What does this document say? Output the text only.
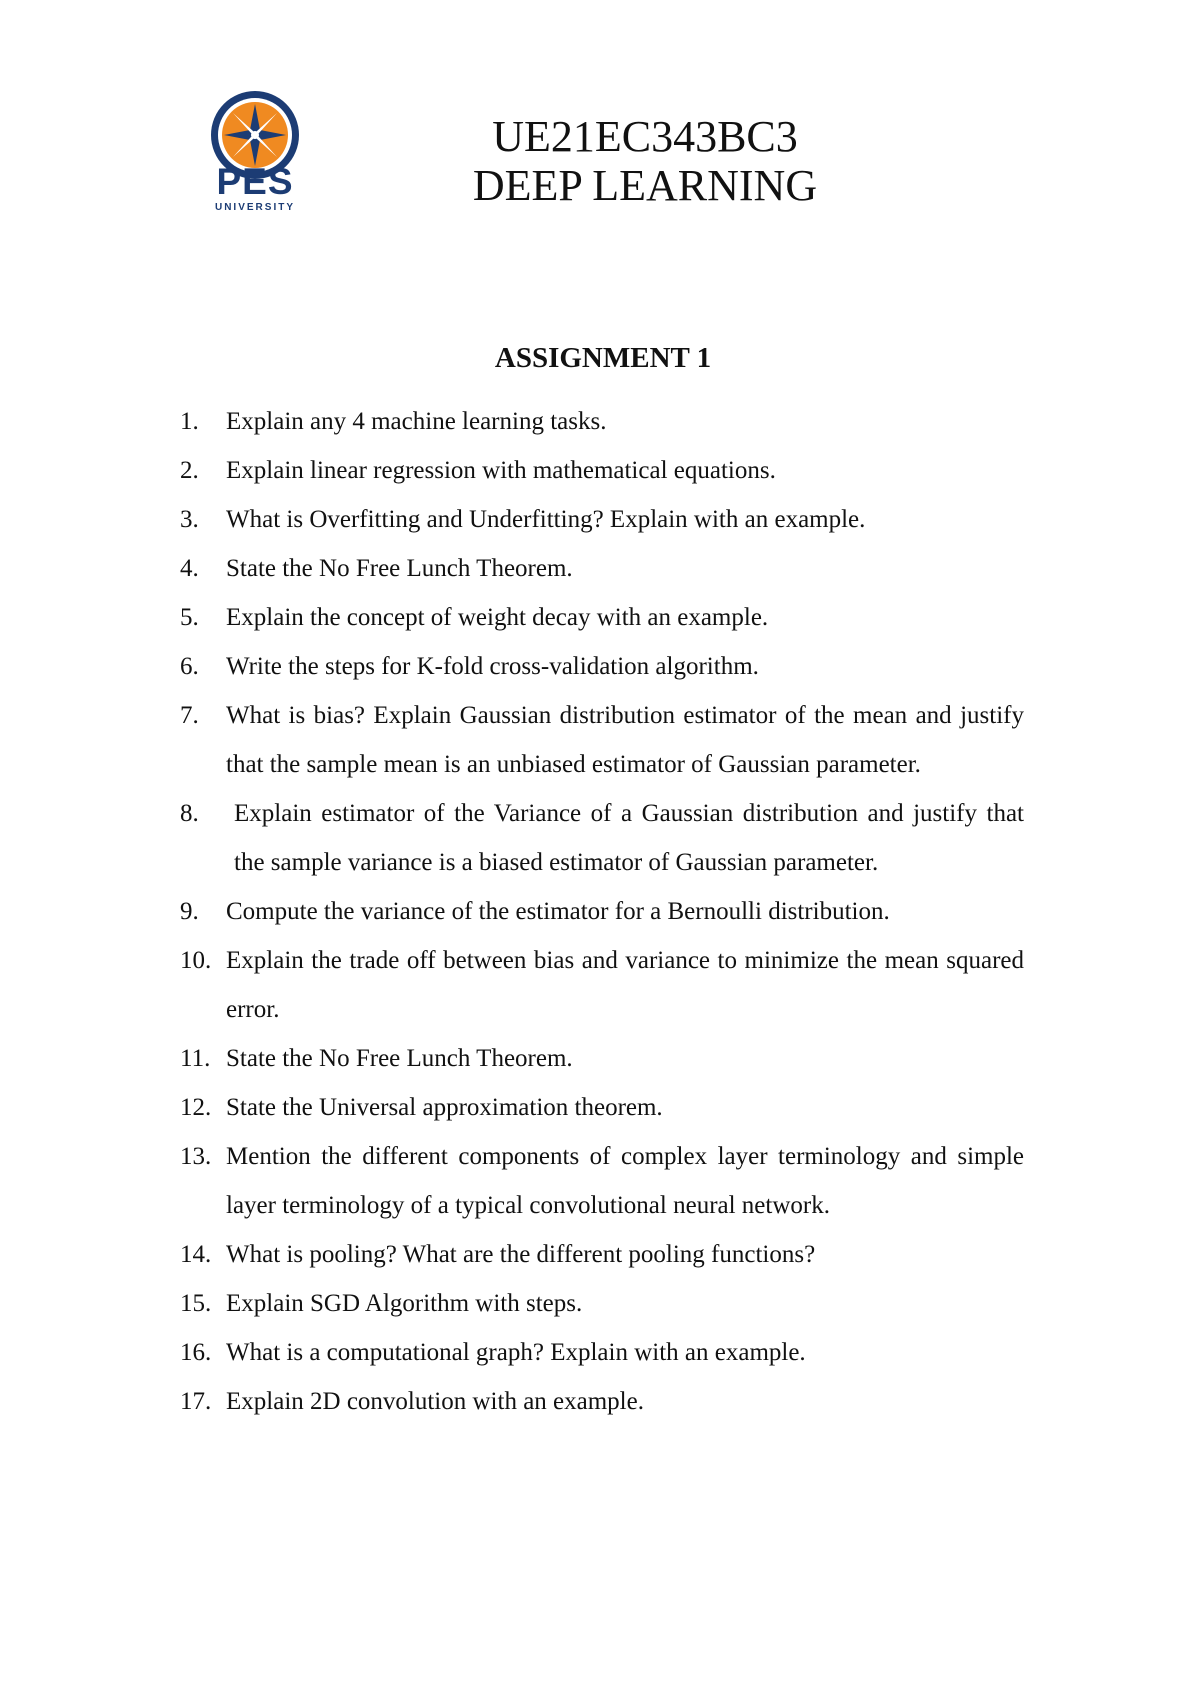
PES
UNIVERSITY
UE21EC343BC3
DEEP LEARNING
ASSIGNMENT 1
1.	Explain any 4 machine learning tasks.
2.	Explain linear regression with mathematical equations.
3.	What is Overfitting and Underfitting? Explain with an example.
4.	State the No Free Lunch Theorem.
5.	Explain the concept of weight decay with an example.
6.	Write the steps for K-fold cross-validation algorithm.
7.	What is bias? Explain Gaussian distribution estimator of the mean and justify that the sample mean is an unbiased estimator of Gaussian parameter.
8.	Explain estimator of the Variance of a Gaussian distribution and justify that the sample variance is a biased estimator of Gaussian parameter.
9.	Compute the variance of the estimator for a Bernoulli distribution.
10. Explain the trade off between bias and variance to minimize the mean squared error.
11. State the No Free Lunch Theorem.
12. State the Universal approximation theorem.
13. Mention the different components of complex layer terminology and simple layer terminology of a typical convolutional neural network.
14. What is pooling? What are the different pooling functions?
15. Explain SGD Algorithm with steps.
16. What is a computational graph? Explain with an example.
17. Explain 2D convolution with an example.
